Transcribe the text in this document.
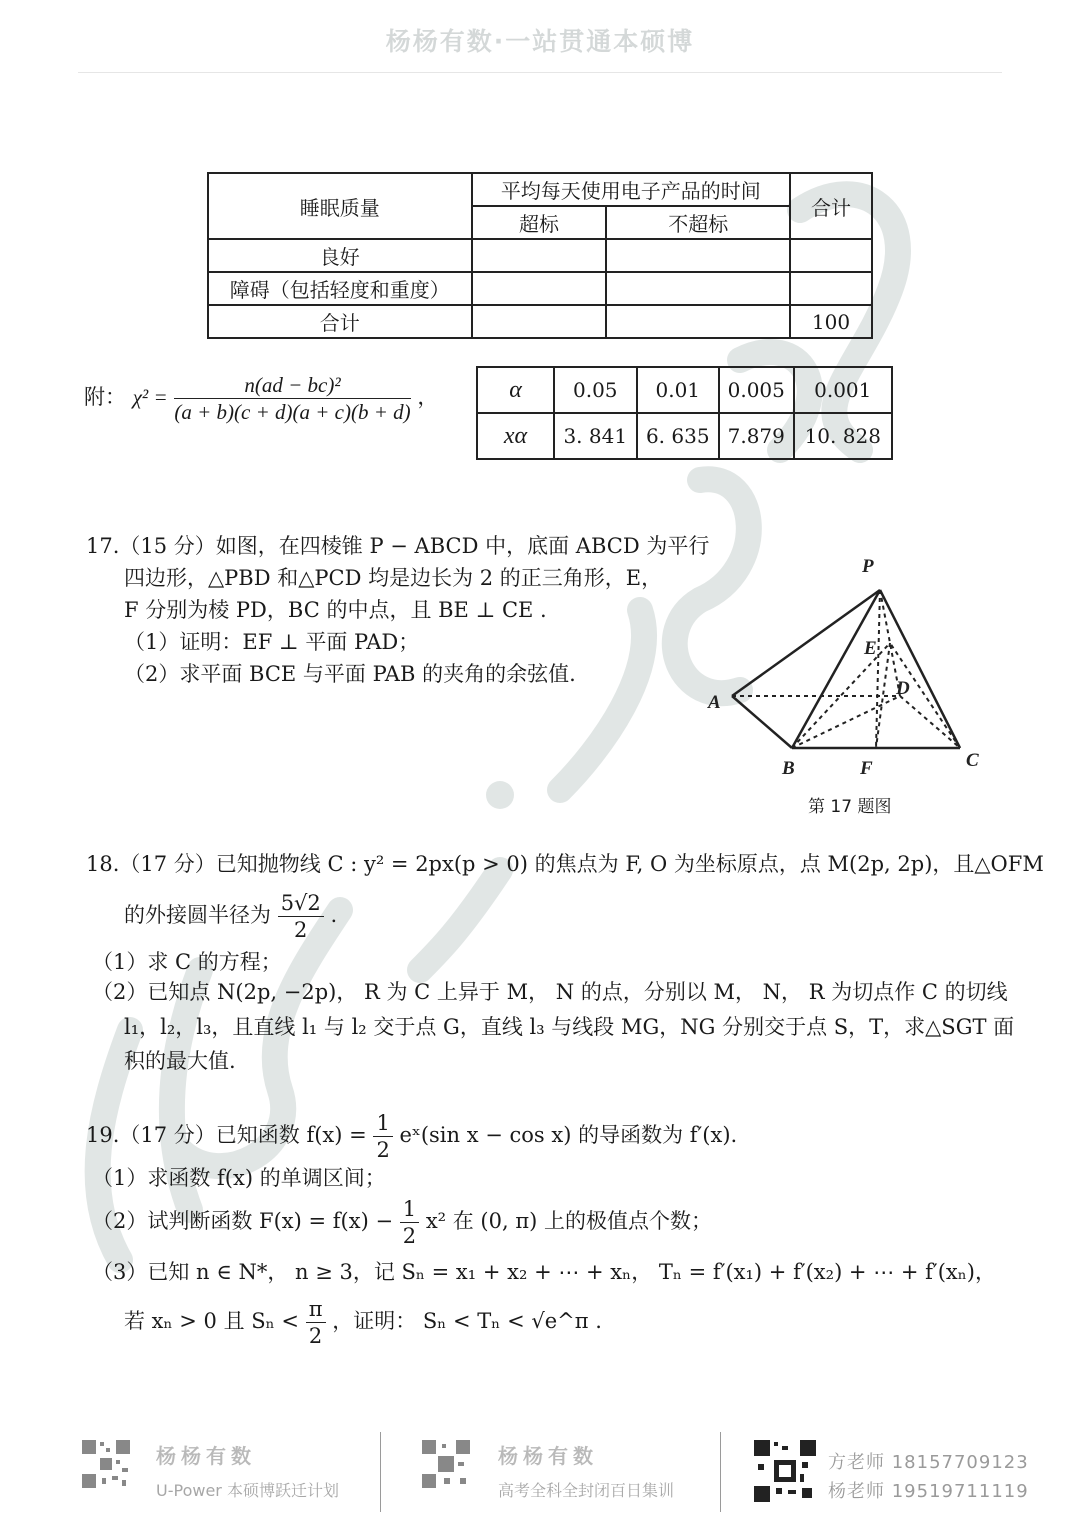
杨杨有数·一站贯通本硕博
睡眠质量	平均每天使用电子产品的时间		合计
	超标	不超标	
良好			
障碍（包括轻度和重度）			
合计			100
附： $\chi^2 = \frac{\text{n(ad − bc)²}}{(a + b)(c + d)(a + c)(b + d)}$ ，	α	0.05	0.01	0.005	0.001
xα	3. 841	6. 635	7.879	10. 828
17.（15 分）如图，在四棱锥 P − ABCD 中，底面 ABCD 为平行
四边形，△PBD 和△PCD 均是边长为 2 的正三角形，E，
F 分别为棱 PD，BC 的中点，且 BE ⊥ CE .
（1）证明：EF ⊥ 平面 PAD；
（2）求平面 BCE 与平面 PAB 的夹角的余弦值.
P
A
B	C
D
E
F
第 17 题图
18.（17 分）已知抛物线 C : y² = 2px(p > 0) 的焦点为 F, O 为坐标原点，点 M(2p, 2p)，且△OFM
的外接圆半径为 $\frac{5√2}{2}$ .
（1）求 C 的方程；
（2）已知点 N(2p, −2p)， R 为 C 上异于 M， N 的点，分别以 M， N， R 为切点作 C 的切线
l₁，l₂，l₃，且直线 l₁ 与 l₂ 交于点 G，直线 l₃ 与线段 MG，NG 分别交于点 S，T，求△SGT 面
积的最大值.
19.（17 分）已知函数 $f(x) = \frac{1}{2}$ eˣ(sin x − cos x) 的导函数为 f′(x).
（1）求函数 f(x) 的单调区间；
（2）试判断函数 $F(x) = f(x) - \frac{1}{2} x^2$ 在 (0, π) 上的极值点个数；
（3）已知 n ∈ N*， n ≥ 3，记 Sₙ = x₁ + x₂ + ⋯ + xₙ， Tₙ = f′(x₁) + f′(x₂) + ⋯ + f′(xₙ)，
若 xₙ > 0 且 $S_n < \frac{\pi}{2}$ ，证明： Sₙ < Tₙ < √e^π .
杨杨有数
U-Power 本硕博跃迁计划
杨杨有数
高考全科全封闭百日集训
方老师 18157709123
杨老师 19519711119
